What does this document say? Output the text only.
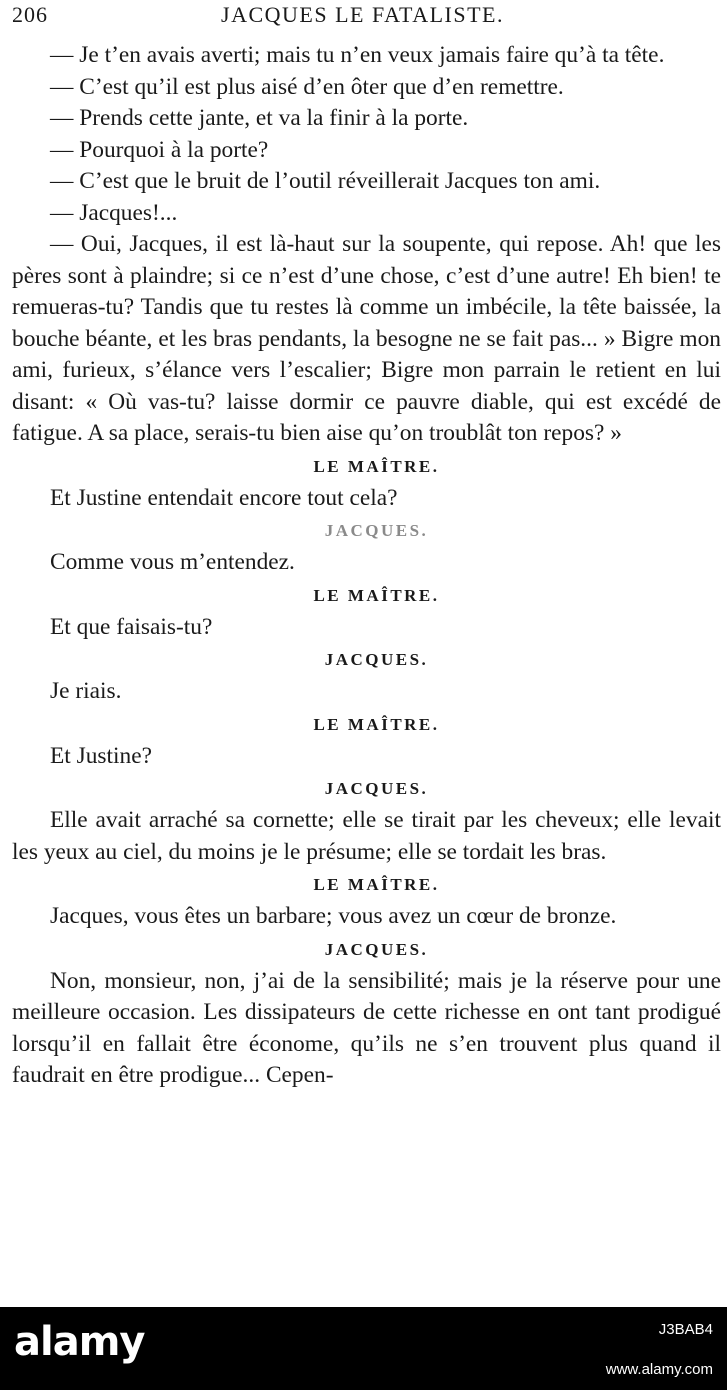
206	JACQUES LE FATALISTE.

— Je t’en avais averti; mais tu n’en veux jamais faire qu’à ta tête.

— C’est qu’il est plus aisé d’en ôter que d’en remettre.

— Prends cette jante, et va la finir à la porte.

— Pourquoi à la porte?

— C’est que le bruit de l’outil réveillerait Jacques ton ami.

— Jacques!...

— Oui, Jacques, il est là-haut sur la soupente, qui repose. Ah! que les pères sont à plaindre; si ce n’est d’une chose, c’est d’une autre! Eh bien! te remueras-tu? Tandis que tu restes là comme un imbécile, la tête baissée, la bouche béante, et les bras pendants, la besogne ne se fait pas... » Bigre mon ami, furieux, s’élance vers l’escalier; Bigre mon parrain le retient en lui disant: « Où vas-tu? laisse dormir ce pauvre diable, qui est excédé de fatigue. A sa place, serais-tu bien aise qu’on troublât ton repos? »

LE MAÎTRE.

Et Justine entendait encore tout cela?

JACQUES.

Comme vous m’entendez.

LE MAÎTRE.

Et que faisais-tu?

JACQUES.

Je riais.

LE MAÎTRE.

Et Justine?

JACQUES.

Elle avait arraché sa cornette; elle se tirait par les cheveux; elle levait les yeux au ciel, du moins je le présume; elle se tordait les bras.

LE MAÎTRE.

Jacques, vous êtes un barbare; vous avez un cœur de bronze.

JACQUES.

Non, monsieur, non, j’ai de la sensibilité; mais je la réserve pour une meilleure occasion. Les dissipateurs de cette richesse en ont tant prodigué lorsqu’il en fallait être économe, qu’ils ne s’en trouvent plus quand il faudrait en être prodigue... Cepen-

alamy	J3BAB4
www.alamy.com
